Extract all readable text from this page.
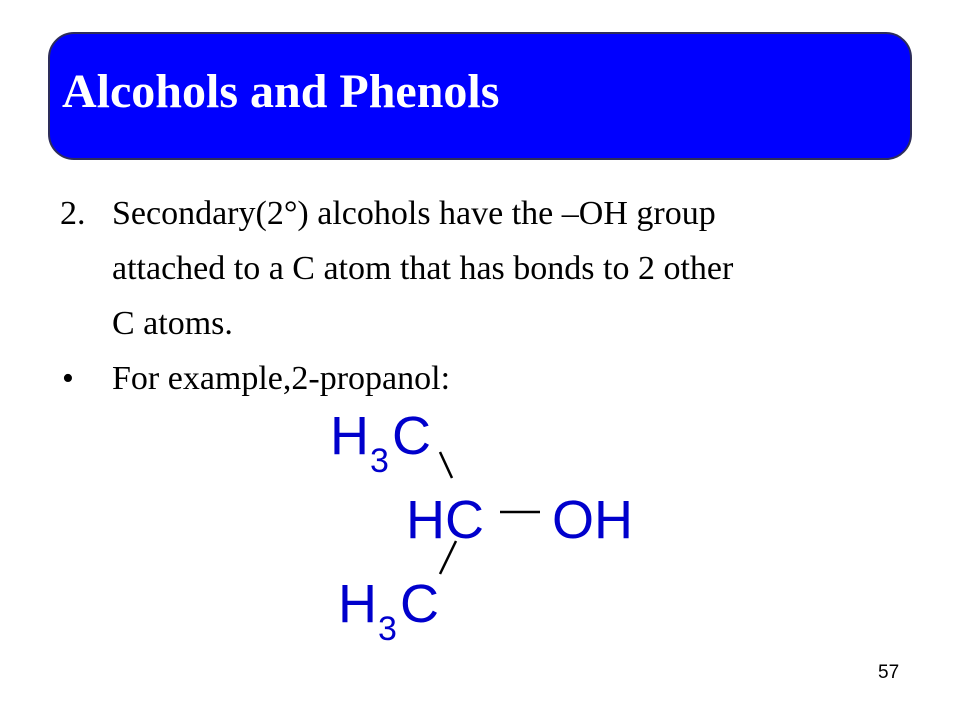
Alcohols and Phenols
2. Secondary(2°) alcohols have the –OH group
attached to a C atom that has bonds to 2 other
C atoms.
• For example,2-propanol:
H 3 C
HC OH
H 3 C
57
